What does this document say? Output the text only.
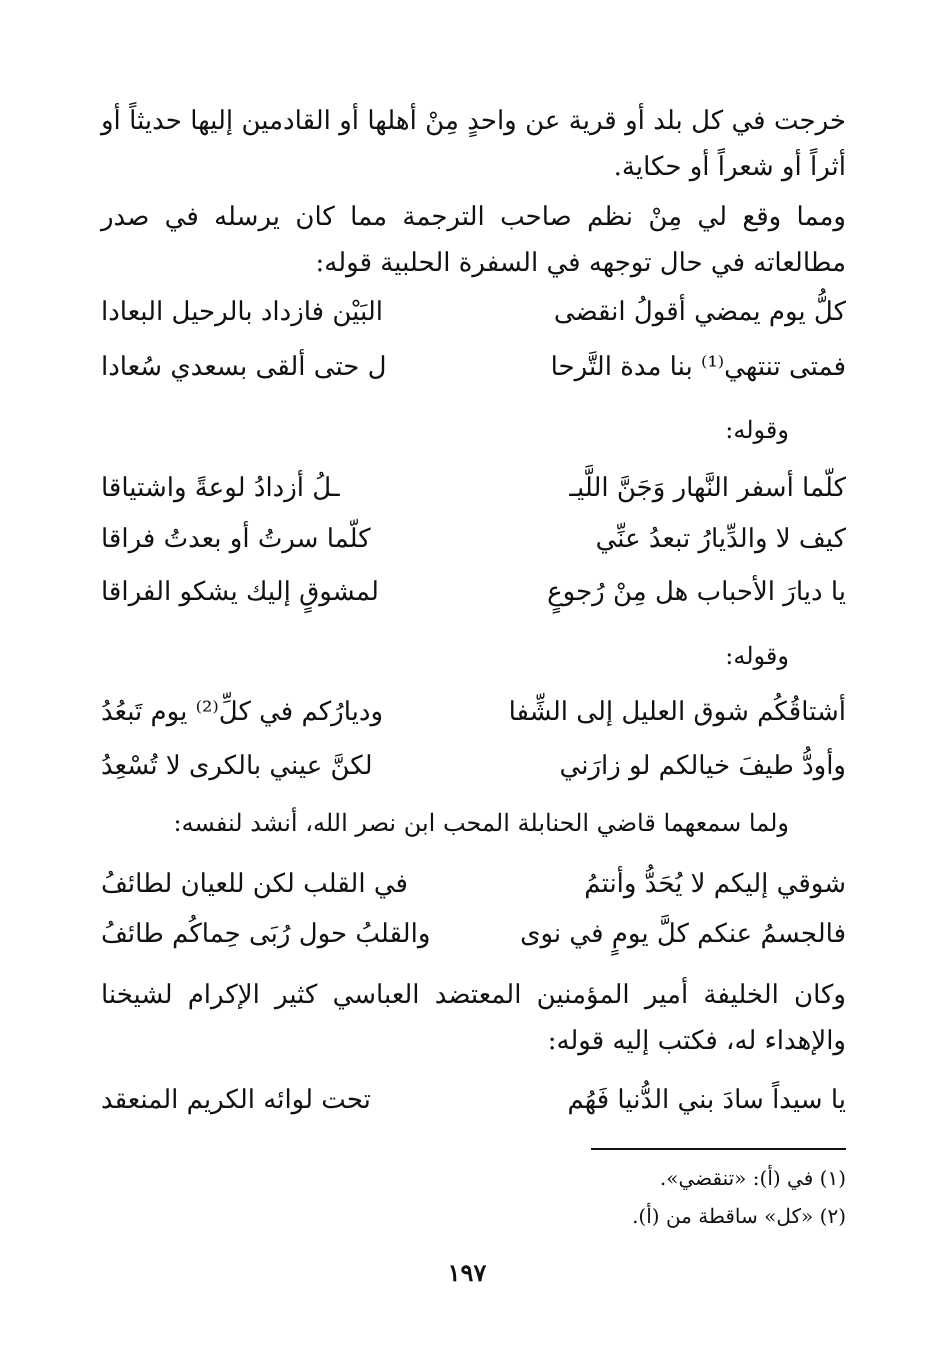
خرجت في كل بلد أو قرية عن واحدٍ مِنْ أهلها أو القادمين إليها حديثاً أو أثراً أو شعراً أو حكاية.
ومما وقع لي مِنْ نظم صاحب الترجمة مما كان يرسله في صدر مطالعاته في حال توجهه في السفرة الحلبية قوله:
كلُّ يوم يمضي أقولُ انقضى
البَيْن فازداد بالرحيل البعادا
فمتى تنتهي⁽¹⁾ بنا مدة التَّرحا
ل حتى ألقى بسعدي سُعادا
وقوله:
كلّما أسفر النَّهار وَجَنَّ اللَّيـ
ـلُ أزدادُ لوعةً واشتياقا
كيف لا والدِّيارُ تبعدُ عنِّي
كلّما سرتُ أو بعدتُ فراقا
يا ديارَ الأحباب هل مِنْ رُجوعٍ
لمشوقٍ إليك يشكو الفراقا
وقوله:
أشتاقُكُم شوق العليل إلى الشِّفا
وديارُكم في كلِّ⁽²⁾ يوم تَبعُدُ
وأودُّ طيفَ خيالكم لو زارَني
لكنَّ عيني بالكرى لا تُسْعِدُ
ولما سمعهما قاضي الحنابلة المحب ابن نصر الله، أنشد لنفسه:
شوقي إليكم لا يُحَدُّ وأنتمُ
في القلب لكن للعيان لطائفُ
فالجسمُ عنكم كلَّ يومٍ في نوى
والقلبُ حول رُبَى حِماكُم طائفُ
وكان الخليفة أمير المؤمنين المعتضد العباسي كثير الإكرام لشيخنا والإهداء له، فكتب إليه قوله:
يا سيداً سادَ بني الدُّنيا فَهُم
تحت لوائه الكريم المنعقد
(١) في (أ): «تنقضي».
(٢) «كل» ساقطة من (أ).
١٩٧
